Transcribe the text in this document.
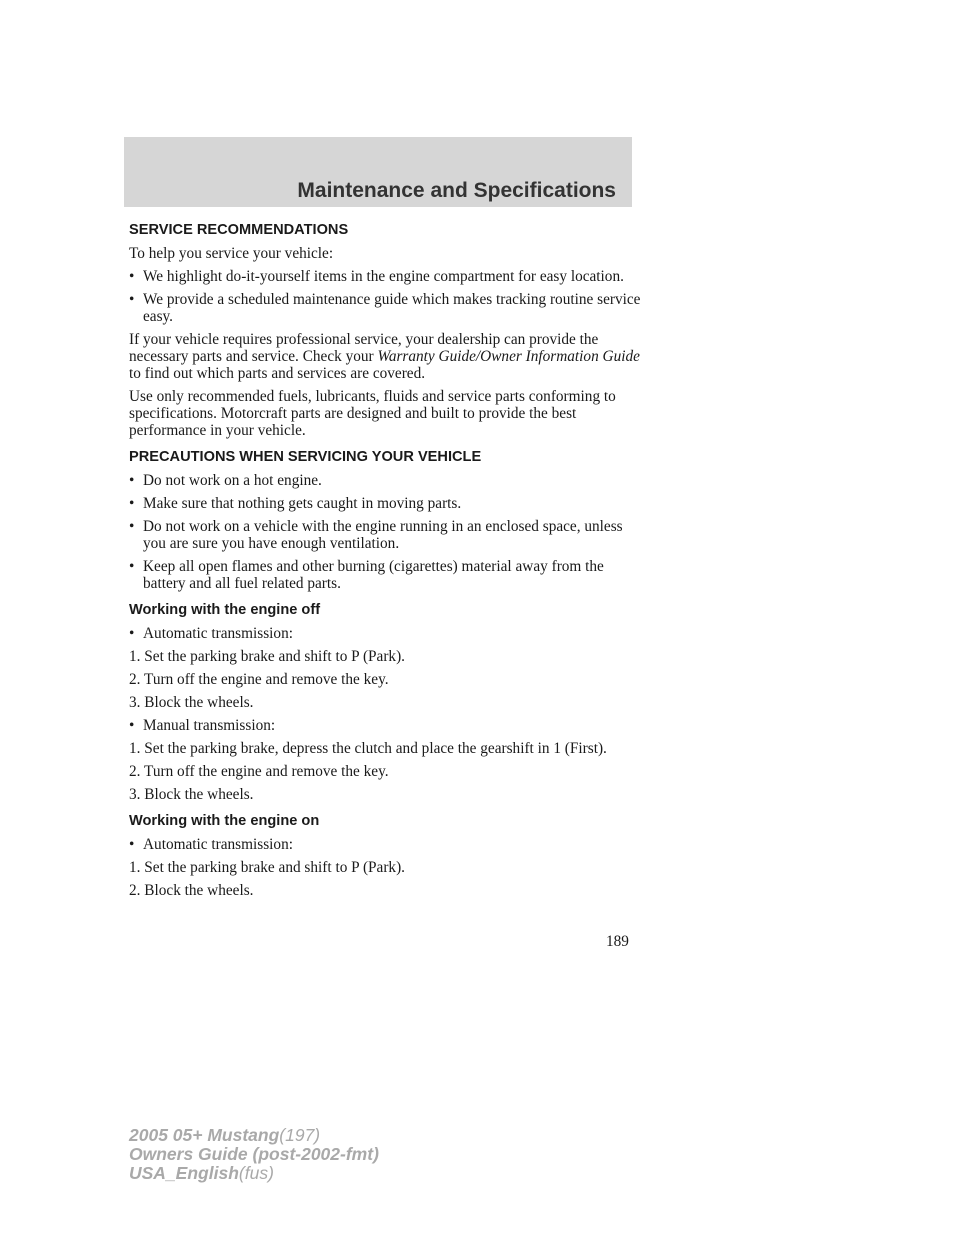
Maintenance and Specifications
SERVICE RECOMMENDATIONS
To help you service your vehicle:
• We highlight do-it-yourself items in the engine compartment for easy location.
• We provide a scheduled maintenance guide which makes tracking routine service easy.
If your vehicle requires professional service, your dealership can provide the necessary parts and service. Check your Warranty Guide/Owner Information Guide to find out which parts and services are covered.
Use only recommended fuels, lubricants, fluids and service parts conforming to specifications. Motorcraft parts are designed and built to provide the best performance in your vehicle.
PRECAUTIONS WHEN SERVICING YOUR VEHICLE
• Do not work on a hot engine.
• Make sure that nothing gets caught in moving parts.
• Do not work on a vehicle with the engine running in an enclosed space, unless you are sure you have enough ventilation.
• Keep all open flames and other burning (cigarettes) material away from the battery and all fuel related parts.
Working with the engine off
• Automatic transmission:
1. Set the parking brake and shift to P (Park).
2. Turn off the engine and remove the key.
3. Block the wheels.
• Manual transmission:
1. Set the parking brake, depress the clutch and place the gearshift in 1 (First).
2. Turn off the engine and remove the key.
3. Block the wheels.
Working with the engine on
• Automatic transmission:
1. Set the parking brake and shift to P (Park).
2. Block the wheels.
189
2005 05+ Mustang(197)
Owners Guide (post-2002-fmt)
USA_English(fus)
